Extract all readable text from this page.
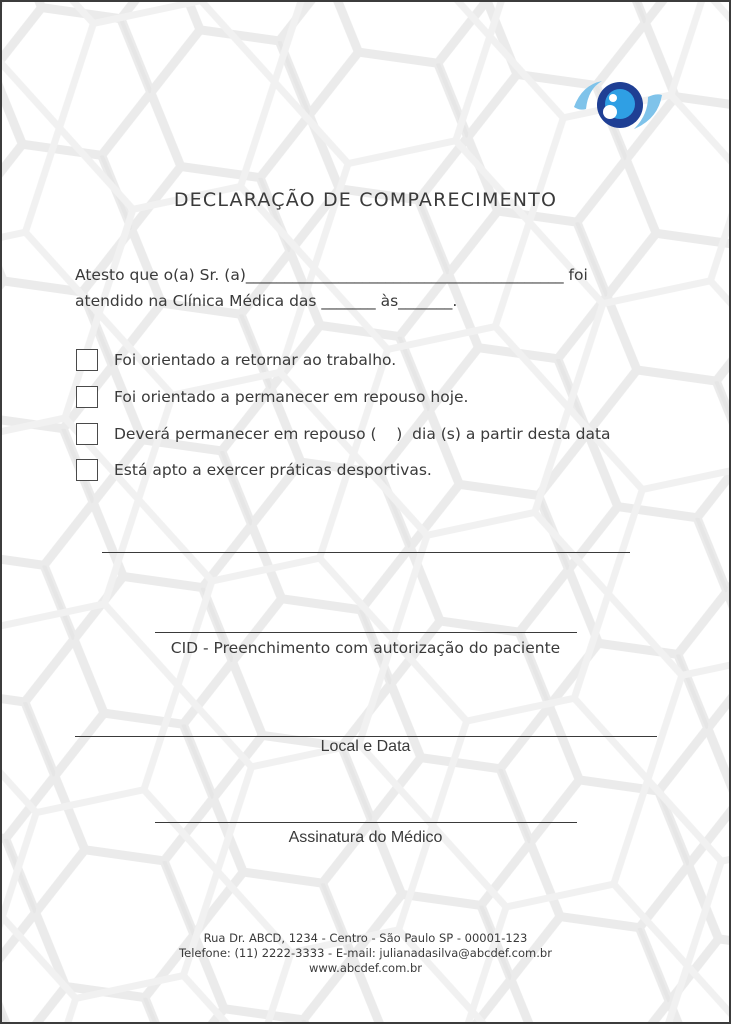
DECLARAÇÃO DE COMPARECIMENTO
Atesto que o(a) Sr. (a)_________________________________________ foi
atendido na Clínica Médica das _______ às_______.
Foi orientado a retornar ao trabalho.
Foi orientado a permanecer em repouso hoje.
Deverá permanecer em repouso (    )  dia (s) a partir desta data
Está apto a exercer práticas desportivas.
CID - Preenchimento com autorização do paciente
Local e Data
Assinatura do Médico
Rua Dr. ABCD, 1234 - Centro - São Paulo SP - 00001-123
Telefone: (11) 2222-3333 - E-mail: julianadasilva@abcdef.com.br
www.abcdef.com.br
